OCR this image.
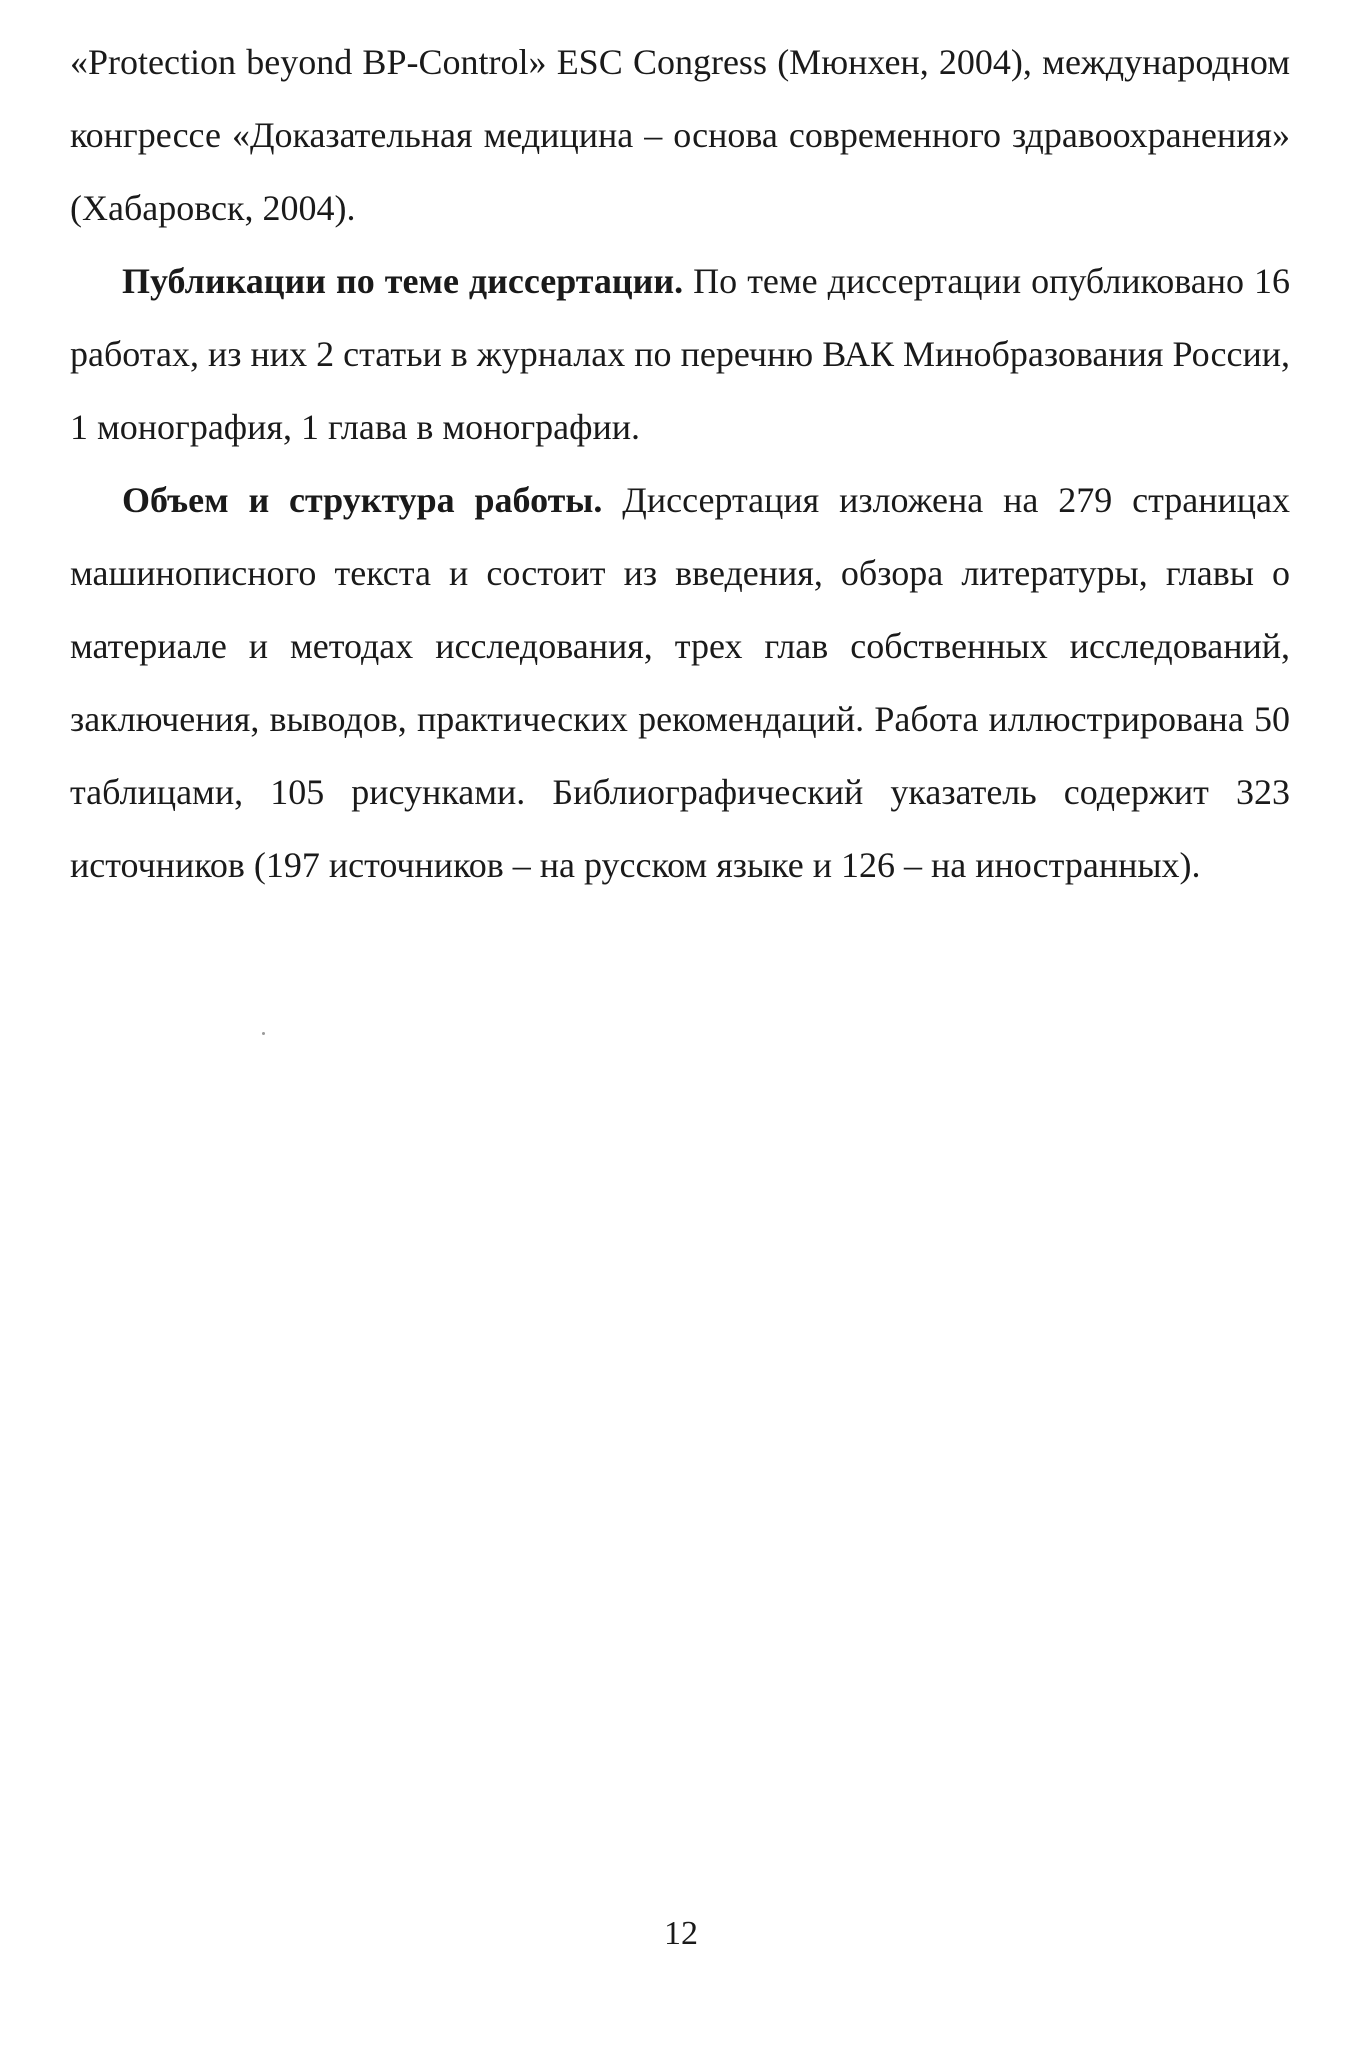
«Protection beyond BP-Control» ESC Congress (Мюнхен, 2004), международном конгрессе «Доказательная медицина – основа современного здравоохранения» (Хабаровск, 2004).

Публикации по теме диссертации. По теме диссертации опубликовано 16 работах, из них 2 статьи в журналах по перечню ВАК Минобразования России, 1 монография, 1 глава в монографии.

Объем и структура работы. Диссертация изложена на 279 страницах машинописного текста и состоит из введения, обзора литературы, главы о материале и методах исследования, трех глав собственных исследований, заключения, выводов, практических рекомендаций. Работа иллюстрирована 50 таблицами, 105 рисунками. Библиографический указатель содержит 323 источников (197 источников – на русском языке и 126 – на иностранных).

12
